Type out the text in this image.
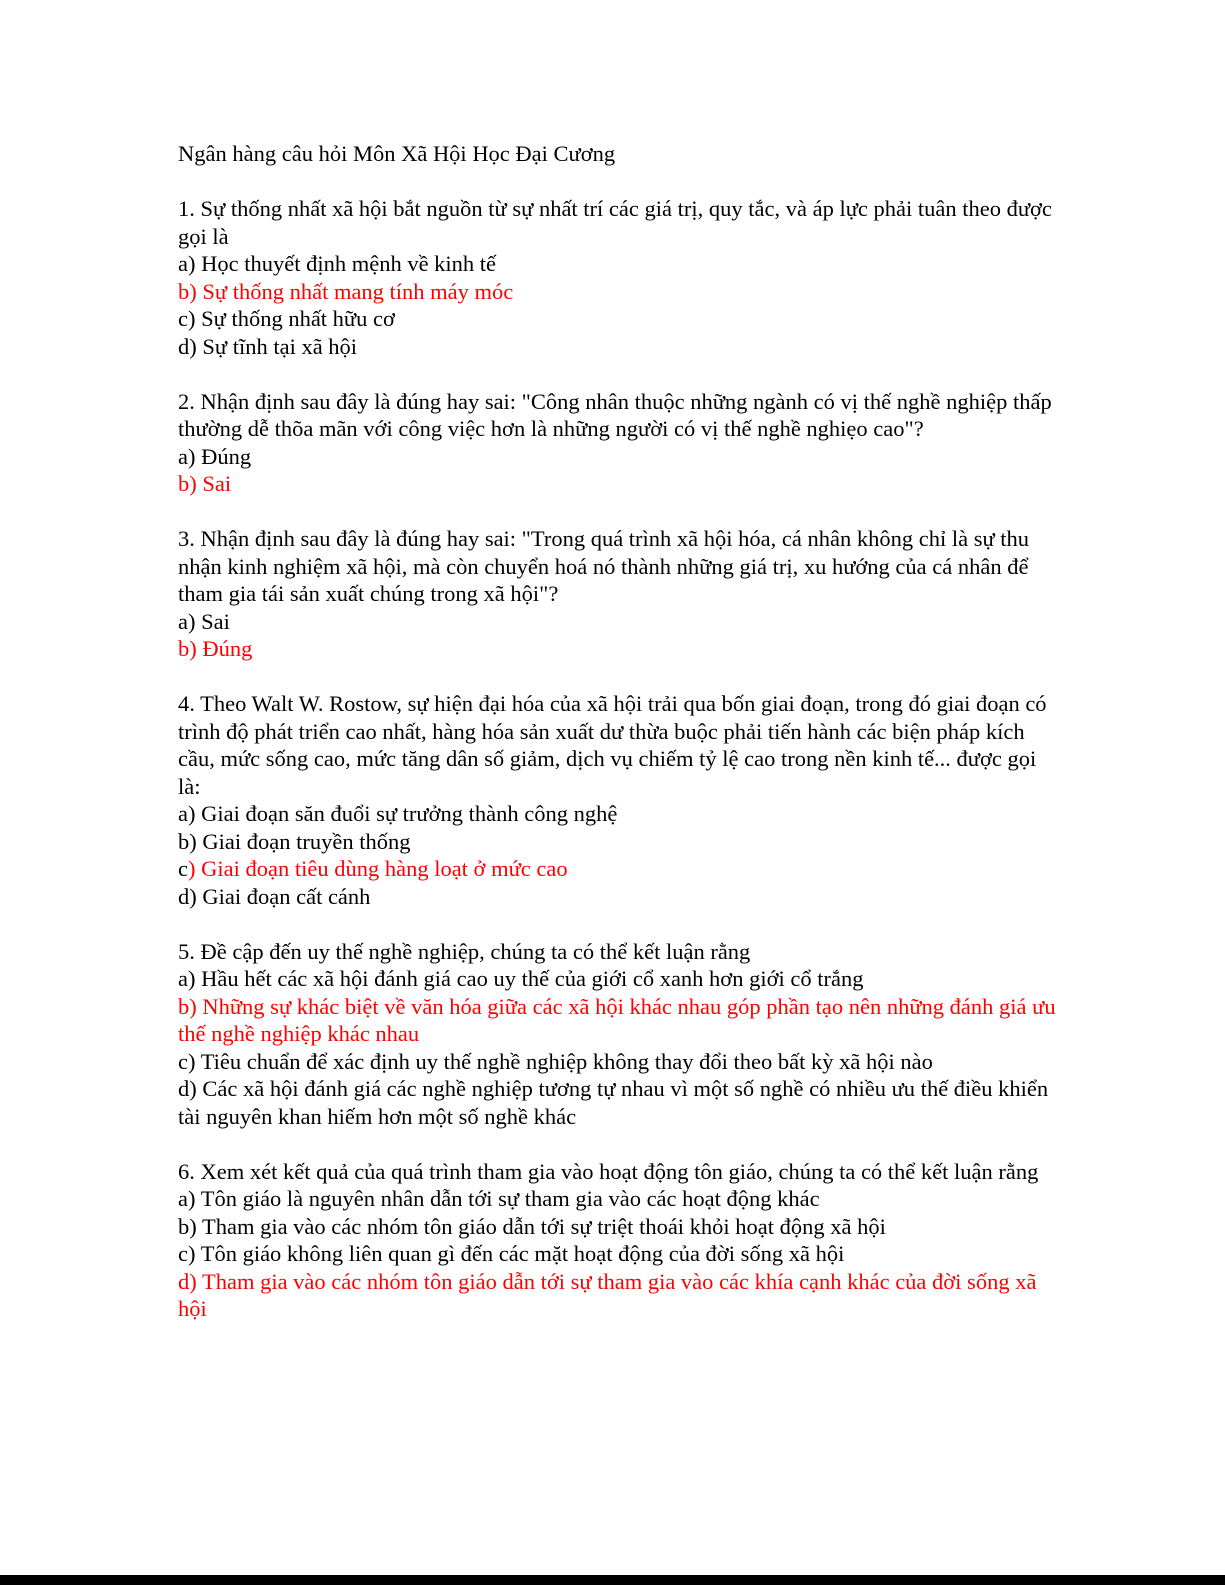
Ngân hàng câu hỏi Môn Xã Hội Học Đại Cương

1. Sự thống nhất xã hội bắt nguồn từ sự nhất trí các giá trị, quy tắc, và áp lực phải tuân theo được gọi là

a) Học thuyết định mệnh về kinh tế

b) Sự thống nhất mang tính máy móc

c) Sự thống nhất hữu cơ

d) Sự tĩnh tại xã hội

2. Nhận định sau đây là đúng hay sai: "Công nhân thuộc những ngành có vị thế nghề nghiệp thấp thường dễ thõa mãn với công việc hơn là những người có vị thế nghề nghiẹo cao"?

a) Đúng

b) Sai

3. Nhận định sau đây là đúng hay sai: "Trong quá trình xã hội hóa, cá nhân không chỉ là sự thu nhận kinh nghiệm xã hội, mà còn chuyển hoá nó thành những giá trị, xu hướng của cá nhân để tham gia tái sản xuất chúng trong xã hội"?

a) Sai

b) Đúng

4. Theo Walt W. Rostow, sự hiện đại hóa của xã hội trải qua bốn giai đoạn, trong đó giai đoạn có trình độ phát triển cao nhất, hàng hóa sản xuất dư thừa buộc phải tiến hành các biện pháp kích cầu, mức sống cao, mức tăng dân số giảm, dịch vụ chiếm tỷ lệ cao trong nền kinh tế... được gọi là:

a) Giai đoạn săn đuổi sự trưởng thành công nghệ

b) Giai đoạn truyền thống

c) Giai đoạn tiêu dùng hàng loạt ở mức cao

d) Giai đoạn cất cánh

5. Đề cập đến uy thế nghề nghiệp, chúng ta có thể kết luận rằng

a) Hầu hết các xã hội đánh giá cao uy thế của giới cổ xanh hơn giới cổ trắng

b) Những sự khác biệt về văn hóa giữa các xã hội khác nhau góp phần tạo nên những đánh giá ưu thế nghề nghiệp khác nhau

c) Tiêu chuẩn để xác định uy thế nghề nghiệp không thay đổi theo bất kỳ xã hội nào

d) Các xã hội đánh giá các nghề nghiệp tương tự nhau vì một số nghề có nhiều ưu thế điều khiển tài nguyên khan hiếm hơn một số nghề khác

6. Xem xét kết quả của quá trình tham gia vào hoạt động tôn giáo, chúng ta có thể kết luận rằng

a) Tôn giáo là nguyên nhân dẫn tới sự tham gia vào các hoạt động khác

b) Tham gia vào các nhóm tôn giáo dẫn tới sự triệt thoái khỏi hoạt động xã hội

c) Tôn giáo không liên quan gì đến các mặt hoạt động của đời sống xã hội

d) Tham gia vào các nhóm tôn giáo dẫn tới sự tham gia vào các khía cạnh khác của đời sống xã hội
